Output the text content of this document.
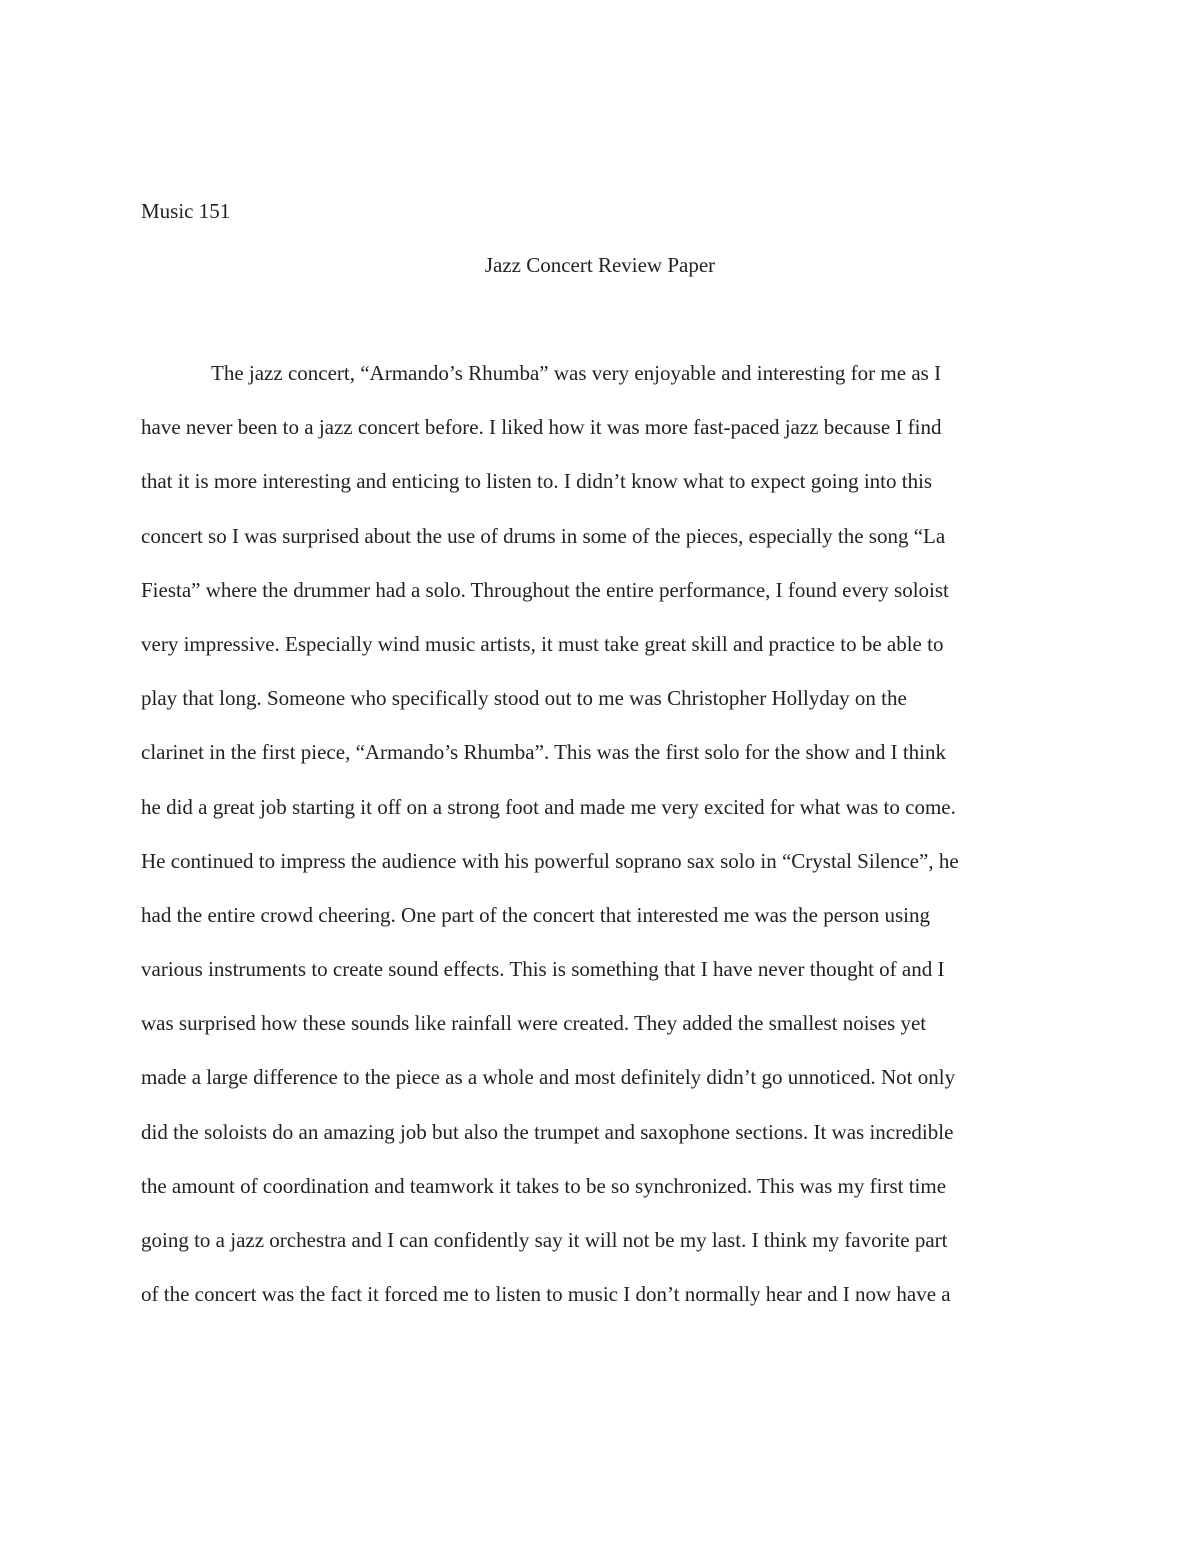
Music 151
Jazz Concert Review Paper
The jazz concert, “Armando’s Rhumba” was very enjoyable and interesting for me as I
have never been to a jazz concert before. I liked how it was more fast-paced jazz because I find
that it is more interesting and enticing to listen to. I didn’t know what to expect going into this
concert so I was surprised about the use of drums in some of the pieces, especially the song “La
Fiesta” where the drummer had a solo. Throughout the entire performance, I found every soloist
very impressive. Especially wind music artists, it must take great skill and practice to be able to
play that long. Someone who specifically stood out to me was Christopher Hollyday on the
clarinet in the first piece, “Armando’s Rhumba”. This was the first solo for the show and I think
he did a great job starting it off on a strong foot and made me very excited for what was to come.
He continued to impress the audience with his powerful soprano sax solo in “Crystal Silence”, he
had the entire crowd cheering. One part of the concert that interested me was the person using
various instruments to create sound effects. This is something that I have never thought of and I
was surprised how these sounds like rainfall were created. They added the smallest noises yet
made a large difference to the piece as a whole and most definitely didn’t go unnoticed. Not only
did the soloists do an amazing job but also the trumpet and saxophone sections. It was incredible
the amount of coordination and teamwork it takes to be so synchronized. This was my first time
going to a jazz orchestra and I can confidently say it will not be my last. I think my favorite part
of the concert was the fact it forced me to listen to music I don’t normally hear and I now have a
